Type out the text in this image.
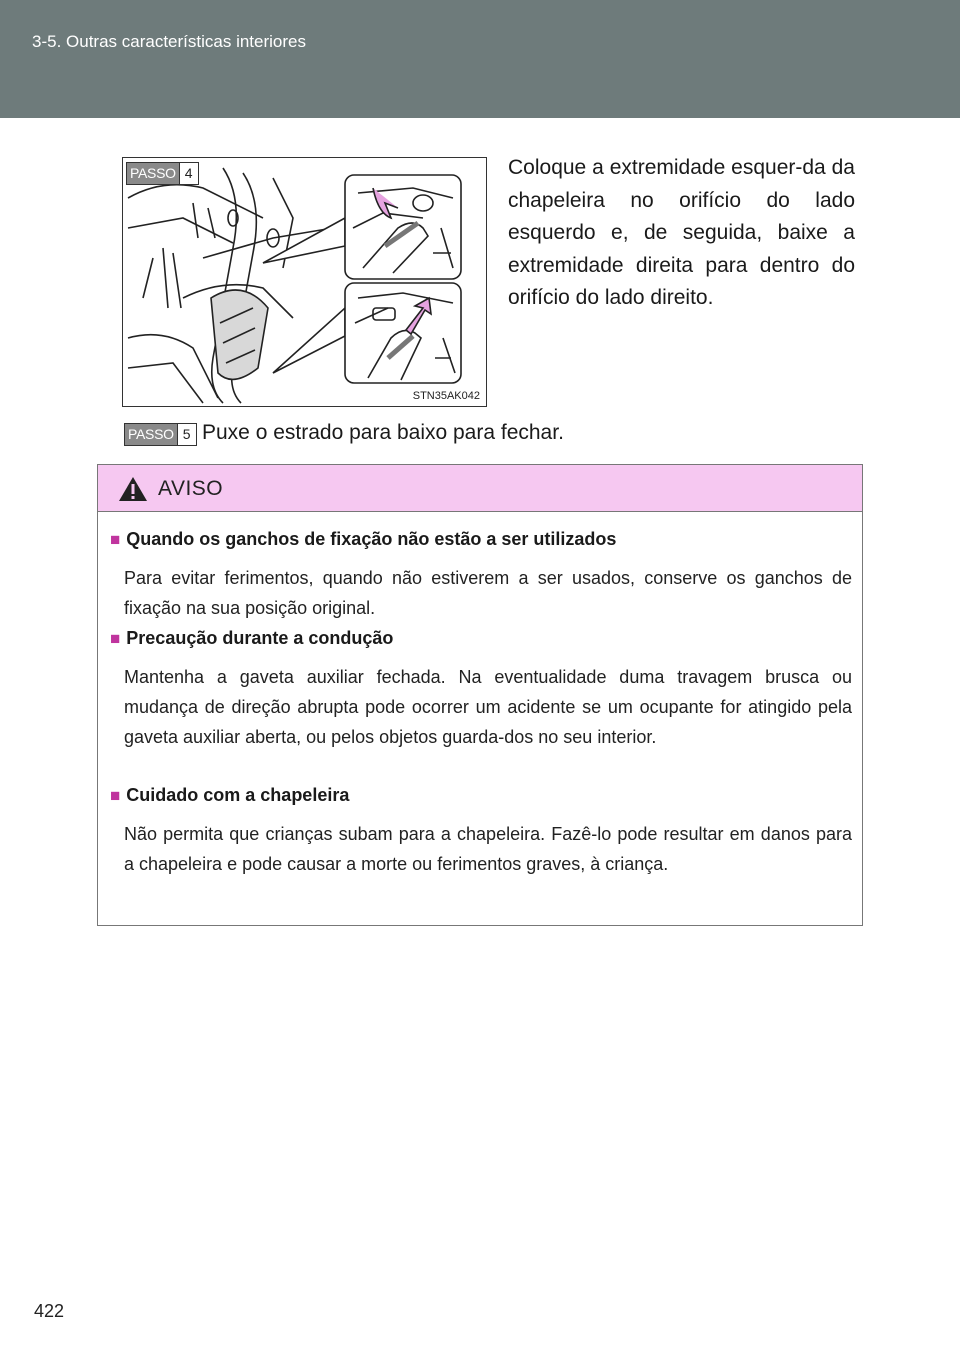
3-5. Outras características interiores
PASSO 4
STN35AK042
Coloque a extremidade esquer-da da chapeleira no orifício do lado esquerdo e, de seguida, baixe a extremidade direita para dentro do orifício do lado direito.
PASSO 5 Puxe o estrado para baixo para fechar.
AVISO
■ Quando os ganchos de fixação não estão a ser utilizados
Para evitar ferimentos, quando não estiverem a ser usados, conserve os ganchos de fixação na sua posição original.
■ Precaução durante a condução
Mantenha a gaveta auxiliar fechada. Na eventualidade duma travagem brusca ou mudança de direção abrupta pode ocorrer um acidente se um ocupante for atingido pela gaveta auxiliar aberta, ou pelos objetos guarda-dos no seu interior.
■ Cuidado com a chapeleira
Não permita que crianças subam para a chapeleira. Fazê-lo pode resultar em danos para a chapeleira e pode causar a morte ou ferimentos graves, à criança.
422
